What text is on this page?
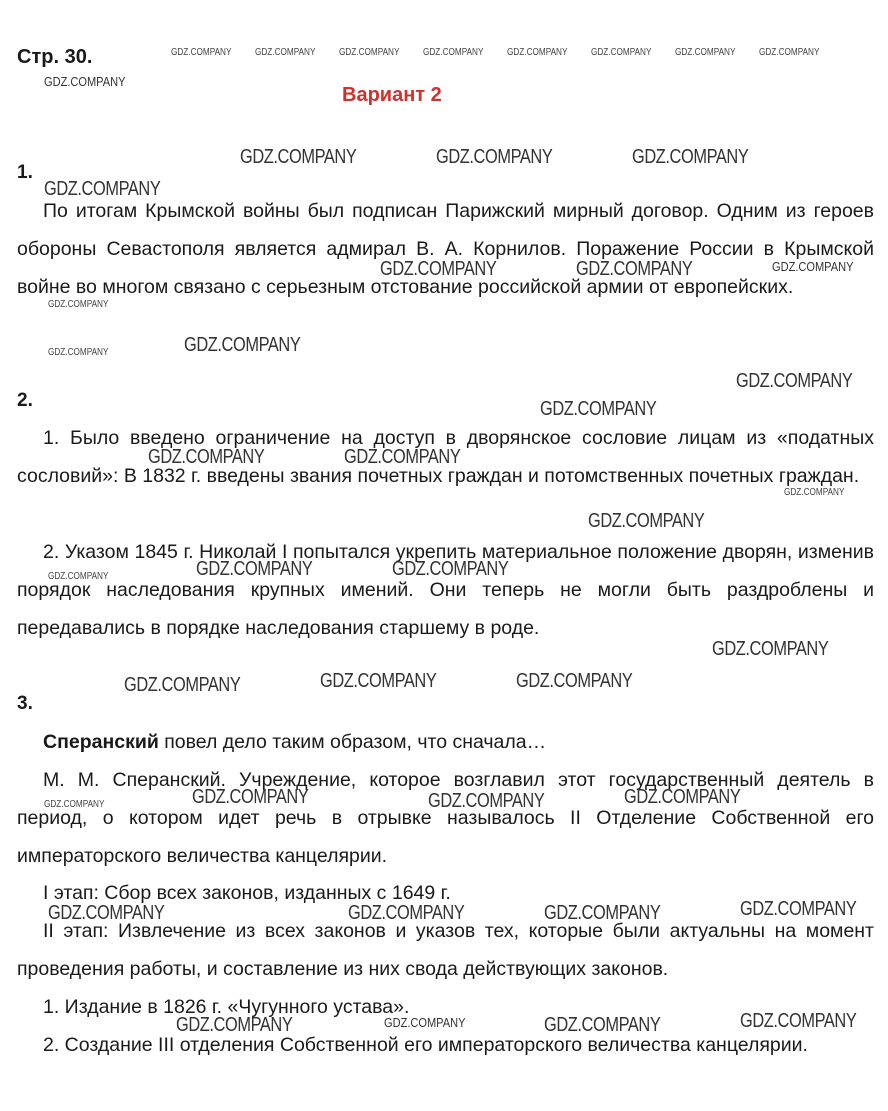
Стр. 30.
Вариант 2
1.
По итогам Крымской войны был подписан Парижский мирный договор. Одним из героев обороны Севастополя является адмирал В. А. Корнилов. Поражение России в Крымской войне во многом связано с серьезным отстование российской армии от европейских.
2.
1. Было введено ограничение на доступ в дворянское сословие лицам из «податных сословий»: В 1832 г. введены звания почетных граждан и потомственных почетных граждан.
2. Указом 1845 г. Николай I попытался укрепить материальное положение дворян, изменив порядок наследования крупных имений. Они теперь не могли быть раздроблены и передавались в порядке наследования старшему в роде.
3.
Сперанский повел дело таким образом, что сначала…
М. М. Сперанский. Учреждение, которое возглавил этот государственный деятель в период, о котором идет речь в отрывке называлось II Отделение Собственной его императорского величества канцелярии.
I этап: Сбор всех законов, изданных с 1649 г.
II этап: Извлечение из всех законов и указов тех, которые были актуальны на момент проведения работы, и составление из них свода действующих законов.
1. Издание в 1826 г. «Чугунного устава».
2. Создание III отделения Собственной его императорского величества канцелярии.
GDZ.COMPANY GDZ.COMPANY GDZ.COMPANY GDZ.COMPANY GDZ.COMPANY GDZ.COMPANY GDZ.COMPANY GDZ.COMPANY
GDZ.COMPANY
GDZ.COMPANY	GDZ.COMPANY	GDZ.COMPANY
GDZ.COMPANY
GDZ.COMPANY	GDZ.COMPANY	GDZ.COMPANY
GDZ.COMPANY
GDZ.COMPANY
GDZ.COMPANY
GDZ.COMPANY
GDZ.COMPANY
GDZ.COMPANY	GDZ.COMPANY
GDZ.COMPANY
GDZ.COMPANY
GDZ.COMPANY	GDZ.COMPANY	GDZ.COMPANY
GDZ.COMPANY
GDZ.COMPANY	GDZ.COMPANY	GDZ.COMPANY
GDZ.COMPANY	GDZ.COMPANY	GDZ.COMPANY
GDZ.COMPANY
GDZ.COMPANY	GDZ.COMPANY	GDZ.COMPANY	GDZ.COMPANY
GDZ.COMPANY	GDZ.COMPANY	GDZ.COMPANY	GDZ.COMPANY
